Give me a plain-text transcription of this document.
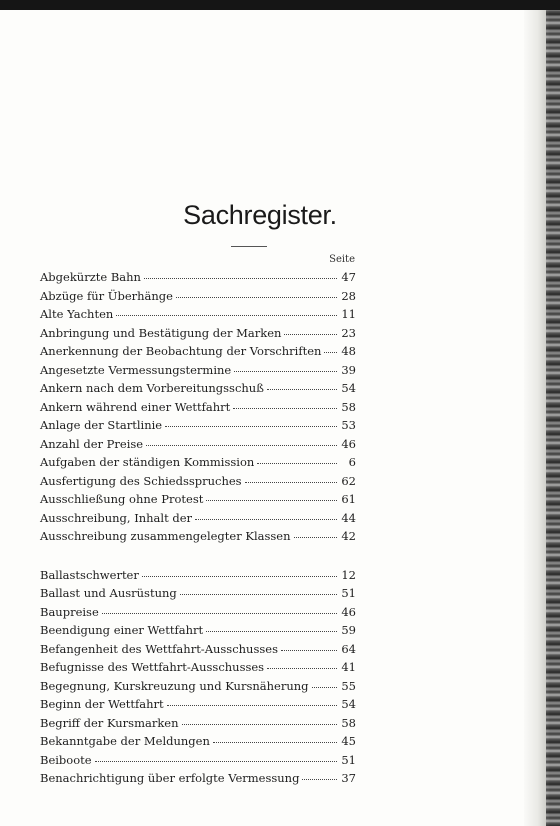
Sachregister.
Seite
Abgekürzte Bahn	47
Abzüge für Überhänge	28
Alte Yachten	11
Anbringung und Bestätigung der Marken	23
Anerkennung der Beobachtung der Vorschriften 48
Angesetzte Vermessungstermine	39
Ankern nach dem Vorbereitungsschuß	54
Ankern während einer Wettfahrt	58
Anlage der Startlinie	53
Anzahl der Preise	46
Aufgaben der ständigen Kommission	6
Ausfertigung des Schiedsspruches	62
Ausschließung ohne Protest	61
Ausschreibung, Inhalt der	44
Ausschreibung zusammengelegter Klassen	42
Ballastschwerter	12
Ballast und Ausrüstung	51
Baupreise	46
Beendigung einer Wettfahrt	59
Befangenheit des Wettfahrt-Ausschusses	64
Befugnisse des Wettfahrt-Ausschusses	41
Begegnung, Kurskreuzung und Kursnäherung	55
Beginn der Wettfahrt	54
Begriff der Kursmarken	58
Bekanntgabe der Meldungen	45
Beiboote	51
Benachrichtigung über erfolgte Vermessung	37
